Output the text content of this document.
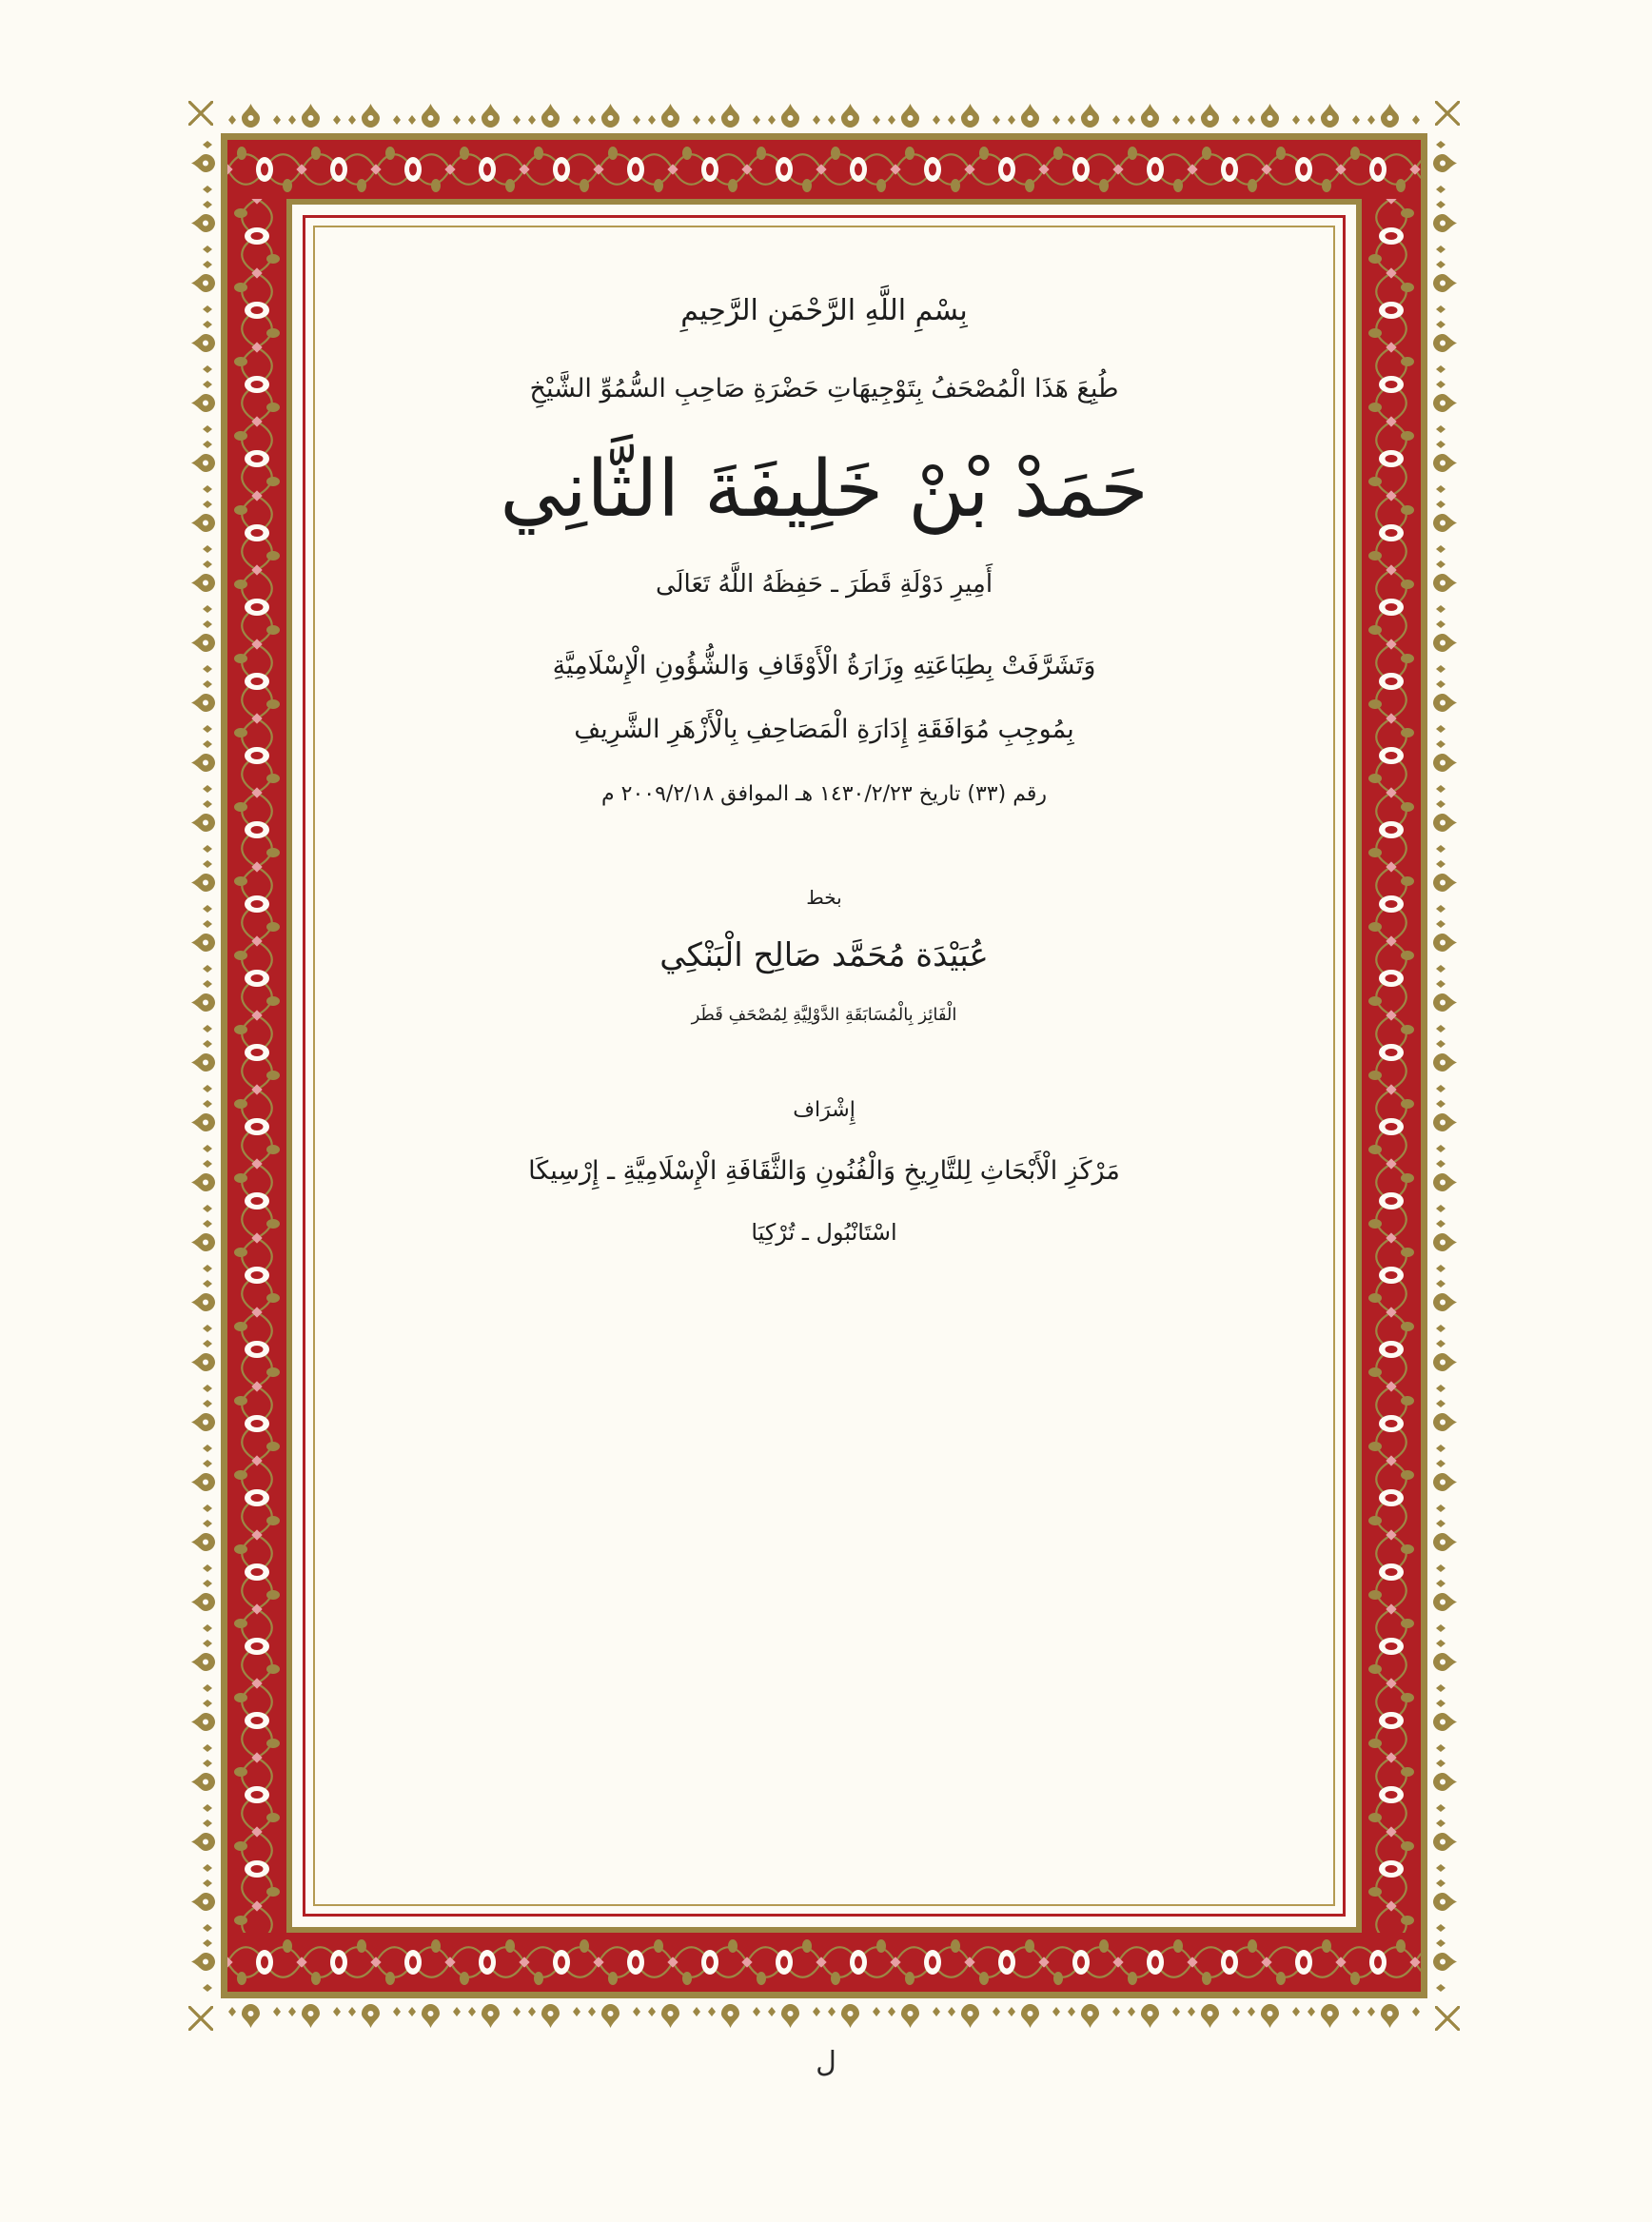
بِسْمِ اللَّهِ الرَّحْمَنِ الرَّحِيمِ
طُبِعَ هَذَا الْمُصْحَفُ بِتَوْجِيهَاتِ حَضْرَةِ صَاحِبِ السُّمُوِّ الشَّيْخِ
حَمَدْ بْنْ خَلِيفَةَ الثَّانِي
أَمِيرِ دَوْلَةِ قَطَرَ ـ حَفِظَهُ اللَّهُ تَعَالَى
وَتَشَرَّفَتْ بِطِبَاعَتِهِ وِزَارَةُ الْأَوْقَافِ وَالشُّؤُونِ الْإِسْلَامِيَّةِ
بِمُوجِبِ مُوَافَقَةِ إِدَارَةِ الْمَصَاحِفِ بِالْأَزْهَرِ الشَّرِيفِ
رقم (٣٣) تاريخ ١٤٣٠/٢/٢٣ هـ الموافق ٢٠٠٩/٢/١٨ م
بخط
عُبَيْدَة مُحَمَّد صَالِح الْبَنْكِي
الْفَائِز بِالْمُسَابَقَةِ الدَّوْلِيَّةِ لِمُصْحَفِ قَطَر
إِشْرَاف
مَرْكَزِ الْأَبْحَاثِ لِلتَّارِيخِ وَالْفُنُونِ وَالثَّقَافَةِ الْإِسْلَامِيَّةِ ـ إِرْسِيكَا
اسْتَانْبُول ـ تُرْكِيَا
ل
